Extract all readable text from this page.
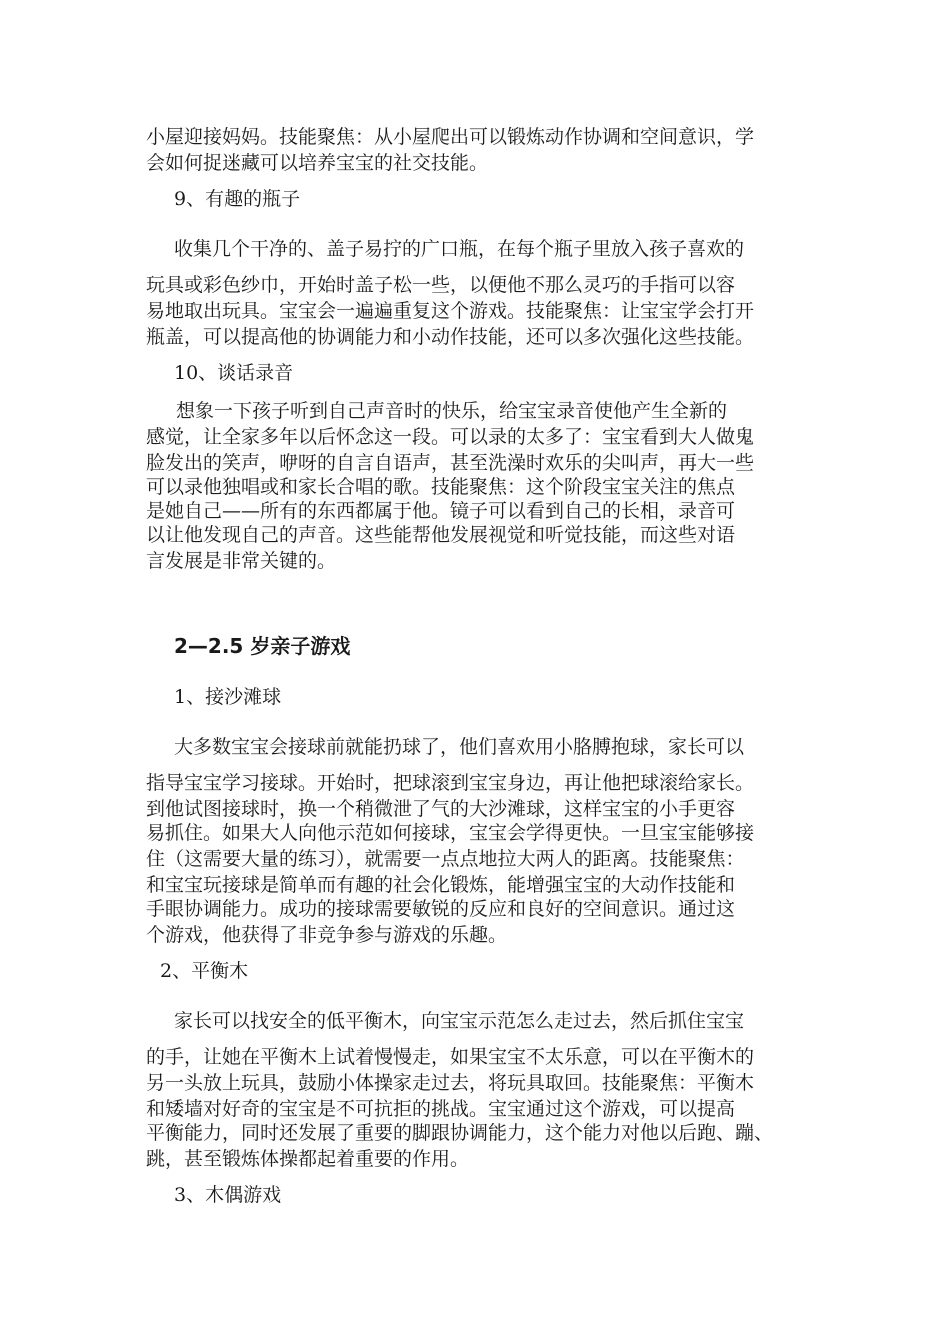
小屋迎接妈妈。技能聚焦：从小屋爬出可以锻炼动作协调和空间意识，学
会如何捉迷藏可以培养宝宝的社交技能。
9、有趣的瓶子
收集几个干净的、盖子易拧的广口瓶，在每个瓶子里放入孩子喜欢的
玩具或彩色纱巾，开始时盖子松一些，以便他不那么灵巧的手指可以容
易地取出玩具。宝宝会一遍遍重复这个游戏。技能聚焦：让宝宝学会打开
瓶盖，可以提高他的协调能力和小动作技能，还可以多次强化这些技能。
10、谈话录音
想象一下孩子听到自己声音时的快乐，给宝宝录音使他产生全新的
感觉，让全家多年以后怀念这一段。可以录的太多了：宝宝看到大人做鬼
脸发出的笑声，咿呀的自言自语声，甚至洗澡时欢乐的尖叫声，再大一些
可以录他独唱或和家长合唱的歌。技能聚焦：这个阶段宝宝关注的焦点
是她自己——所有的东西都属于他。镜子可以看到自己的长相，录音可
以让他发现自己的声音。这些能帮他发展视觉和听觉技能，而这些对语
言发展是非常关键的。
2—2.5 岁亲子游戏
1、接沙滩球
大多数宝宝会接球前就能扔球了，他们喜欢用小胳膊抱球，家长可以
指导宝宝学习接球。开始时，把球滚到宝宝身边，再让他把球滚给家长。
到他试图接球时，换一个稍微泄了气的大沙滩球，这样宝宝的小手更容
易抓住。如果大人向他示范如何接球，宝宝会学得更快。一旦宝宝能够接
住（这需要大量的练习），就需要一点点地拉大两人的距离。技能聚焦：
和宝宝玩接球是简单而有趣的社会化锻炼，能增强宝宝的大动作技能和
手眼协调能力。成功的接球需要敏锐的反应和良好的空间意识。通过这
个游戏，他获得了非竞争参与游戏的乐趣。
2、平衡木
家长可以找安全的低平衡木，向宝宝示范怎么走过去，然后抓住宝宝
的手，让她在平衡木上试着慢慢走，如果宝宝不太乐意，可以在平衡木的
另一头放上玩具，鼓励小体操家走过去，将玩具取回。技能聚焦：平衡木
和矮墙对好奇的宝宝是不可抗拒的挑战。宝宝通过这个游戏，可以提高
平衡能力，同时还发展了重要的脚跟协调能力，这个能力对他以后跑、蹦、
跳，甚至锻炼体操都起着重要的作用。
3、木偶游戏
